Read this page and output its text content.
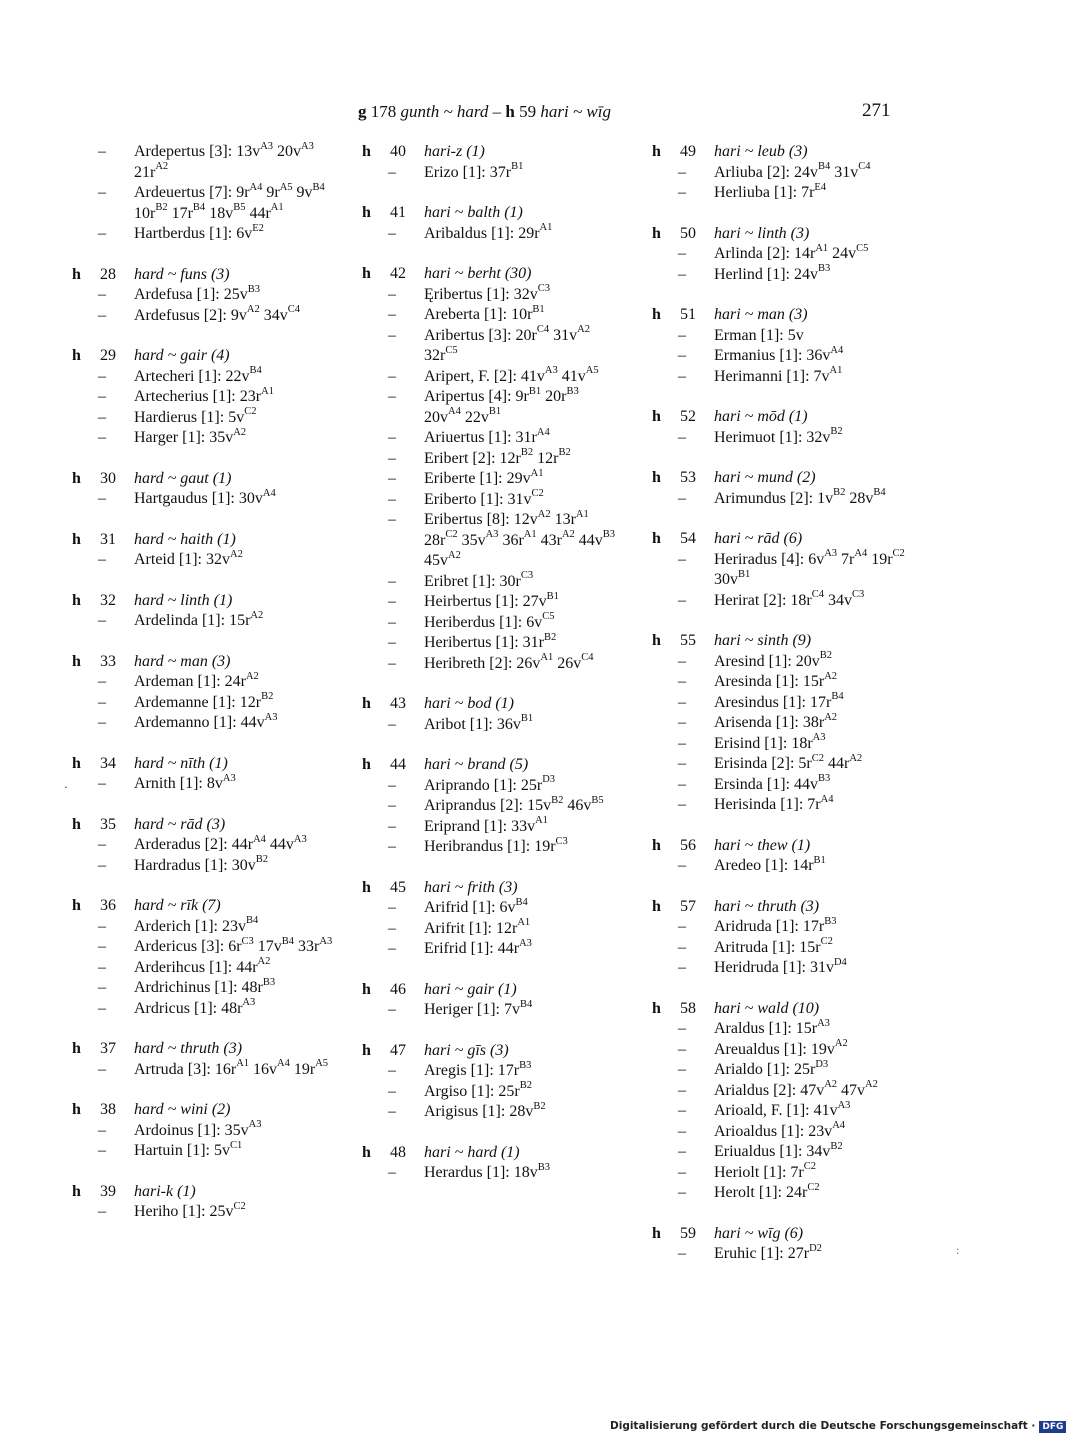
g 178 gunth ~ hard – h 59 hari ~ wīg	271
– Ardepertus [3]: $13v^{A3}$ $20v^{A3}$ $21r^{A2}$
– Ardeuertus [7]: $9r^{A4}$ $9r^{A5}$ $9v^{B4}$ $10r^{B2}$ $17r^{B4}$ $18v^{B5}$ $44r^{A1}$
– Hartberdus [1]: $6v^{E2}$
h 28 hard ~ funs (3)
– Ardefusa [1]: $25v^{B3}$
– Ardefusus [2]: $9v^{A2}$ $34v^{C4}$
h 29 hard ~ gair (4)
– Artecheri [1]: $22v^{B4}$
– Artecherius [1]: $23r^{A1}$
– Hardierus [1]: $5v^{C2}$
– Harger [1]: $35v^{A2}$
h 30 hard ~ gaut (1)
– Hartgaudus [1]: $30v^{A4}$
h 31 hard ~ haith (1)
– Arteid [1]: $32v^{A2}$
h 32 hard ~ linth (1)
– Ardelinda [1]: $15r^{A2}$
h 33 hard ~ man (3)
– Ardeman [1]: $24r^{A2}$
– Ardemanne [1]: $12r^{B2}$
– Ardemanno [1]: $44v^{A3}$
h 34 hard ~ nīth (1)
– Arnith [1]: $8v^{A3}$
h 35 hard ~ rād (3)
– Arderadus [2]: $44r^{A4}$ $44v^{A3}$
– Hardradus [1]: $30v^{B2}$
h 36 hard ~ rīk (7)
– Arderich [1]: $23v^{B4}$
– Ardericus [3]: $6r^{C3}$ $17v^{B4}$ $33r^{A3}$
– Arderihcus [1]: $44r^{A2}$
– Ardrichinus [1]: $48r^{B3}$
– Ardricus [1]: $48r^{A3}$
h 37 hard ~ thruth (3)
– Artruda [3]: $16r^{A1}$ $16v^{A4}$ $19r^{A5}$
h 38 hard ~ wini (2)
– Ardoinus [1]: $35v^{A3}$
– Hartuin [1]: $5v^{C1}$
h 39 hari-k (1)
– Heriho [1]: $25v^{C2}$
h 40 hari-z (1)
– Erizo [1]: $37r^{B1}$
h 41 hari ~ balth (1)
– Aribaldus [1]: $29r^{A1}$
h 42 hari ~ berht (30)
– Ęribertus [1]: $32v^{C3}$
– Areberta [1]: $10r^{B1}$
– Aribertus [3]: $20r^{C4}$ $31v^{A2}$ $32r^{C5}$
– Aripert, F. [2]: $41v^{A3}$ $41v^{A5}$
– Aripertus [4]: $9r^{B1}$ $20r^{B3}$ $20v^{A4}$ $22v^{B1}$
– Ariuertus [1]: $31r^{A4}$
– Eribert [2]: $12r^{B2}$ $12r^{B2}$
– Eriberte [1]: $29v^{A1}$
– Eriberto [1]: $31v^{C2}$
– Eribertus [8]: $12v^{A2}$ $13r^{A1}$ $28r^{C2}$ $35v^{A3}$ $36r^{A1}$ $43r^{A2}$ $44v^{B3}$ $45v^{A2}$
– Eribret [1]: $30r^{C3}$
– Heirbertus [1]: $27v^{B1}$
– Heriberdus [1]: $6v^{C5}$
– Heribertus [1]: $31r^{B2}$
– Heribreth [2]: $26v^{A1}$ $26v^{C4}$
h 43 hari ~ bod (1)
– Aribot [1]: $36v^{B1}$
h 44 hari ~ brand (5)
– Ariprando [1]: $25r^{D3}$
– Ariprandus [2]: $15v^{B2}$ $46v^{B5}$
– Eriprand [1]: $33v^{A1}$
– Heribrandus [1]: $19r^{C3}$
h 45 hari ~ frith (3)
– Arifrid [1]: $6v^{B4}$
– Arifrit [1]: $12r^{A1}$
– Erifrid [1]: $44r^{A3}$
h 46 hari ~ gair (1)
– Heriger [1]: $7v^{B4}$
h 47 hari ~ gīs (3)
– Aregis [1]: $17r^{B3}$
– Argiso [1]: $25r^{B2}$
– Arigisus [1]: $28v^{B2}$
h 48 hari ~ hard (1)
– Herardus [1]: $18v^{B3}$
h 49 hari ~ leub (3)
– Arliuba [2]: $24v^{B4}$ $31v^{C4}$
– Herliuba [1]: $7r^{E4}$
h 50 hari ~ linth (3)
– Arlinda [2]: $14r^{A1}$ $24v^{C5}$
– Herlind [1]: $24v^{B3}$
h 51 hari ~ man (3)
– Erman [1]: 5v
– Ermanius [1]: $36v^{A4}$
– Herimanni [1]: $7v^{A1}$
h 52 hari ~ mōd (1)
– Herimuot [1]: $32v^{B2}$
h 53 hari ~ mund (2)
– Arimundus [2]: $1v^{B2}$ $28v^{B4}$
h 54 hari ~ rād (6)
– Heriradus [4]: $6v^{A3}$ $7r^{A4}$ $19r^{C2}$ $30v^{B1}$
– Herirat [2]: $18r^{C4}$ $34v^{C3}$
h 55 hari ~ sinth (9)
– Aresind [1]: $20v^{B2}$
– Aresinda [1]: $15r^{A2}$
– Aresindus [1]: $17r^{B4}$
– Arisenda [1]: $38r^{A2}$
– Erisind [1]: $18r^{A3}$
– Erisinda [2]: $5r^{C2}$ $44r^{A2}$
– Ersinda [1]: $44v^{B3}$
– Herisinda [1]: $7r^{A4}$
h 56 hari ~ thew (1)
– Aredeo [1]: $14r^{B1}$
h 57 hari ~ thruth (3)
– Aridruda [1]: $17r^{B3}$
– Aritruda [1]: $15r^{C2}$
– Heridruda [1]: $31v^{D4}$
h 58 hari ~ wald (10)
– Araldus [1]: $15r^{A3}$
– Areualdus [1]: $19v^{A2}$
– Arialdo [1]: $25r^{D3}$
– Arialdus [2]: $47v^{A2}$ $47v^{A2}$
– Arioald, F. [1]: $41v^{A3}$
– Arioaldus [1]: $23v^{A4}$
– Eriualdus [1]: $34v^{B2}$
– Heriolt [1]: $7r^{C2}$
– Herolt [1]: $24r^{C2}$
h 59 hari ~ wīg (6)
– Eruhic [1]: $27r^{D2}$
·
:
Digitalisierung gefördert durch die Deutsche Forschungsgemeinschaft · DFG
